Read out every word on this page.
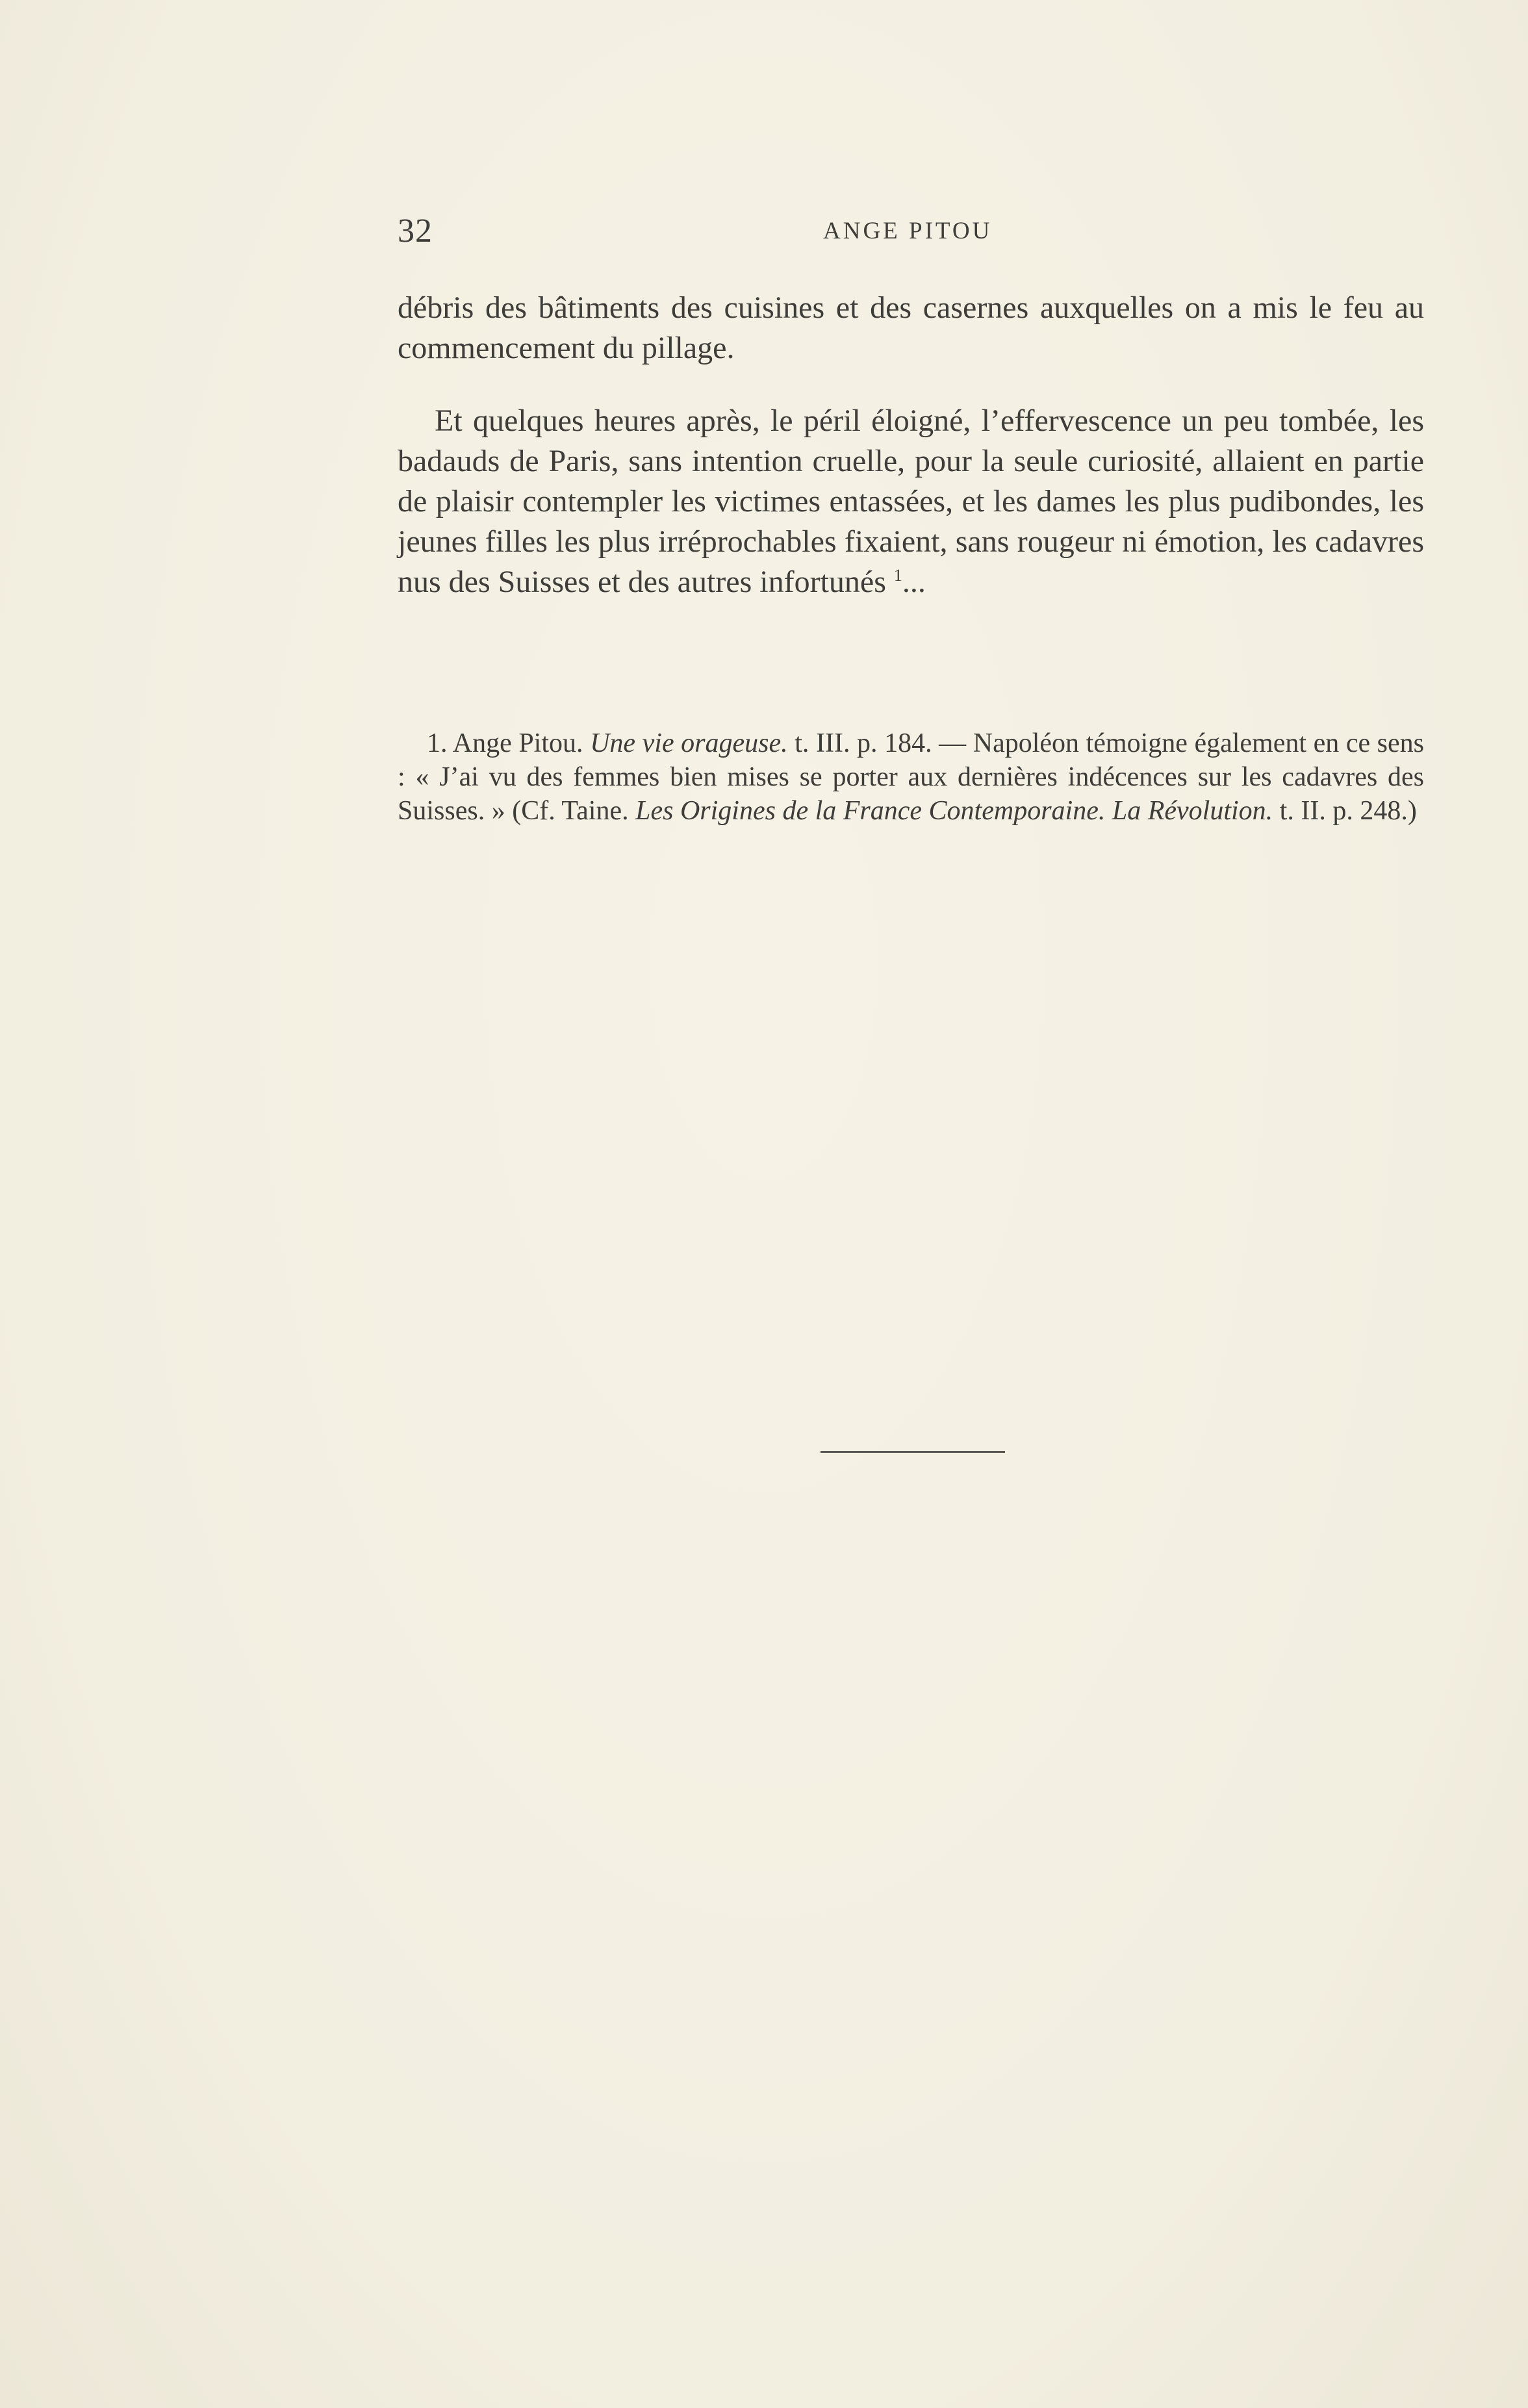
32	ANGE PITOU

débris des bâtiments des cuisines et des casernes auxquelles on a mis le feu au commencement du pillage.

Et quelques heures après, le péril éloigné, l’effervescence un peu tombée, les badauds de Paris, sans intention cruelle, pour la seule curiosité, allaient en partie de plaisir contempler les victimes entassées, et les dames les plus pudibondes, les jeunes filles les plus irréprochables fixaient, sans rougeur ni émotion, les cadavres nus des Suisses et des autres infortunés $^1$...

1. Ange Pitou. Une vie orageuse. t. III. p. 184. — Napoléon témoigne également en ce sens : « J’ai vu des femmes bien mises se porter aux dernières indécences sur les cadavres des Suisses. » (Cf. Taine. Les Origines de la France Contemporaine. La Révolution. t. II. p. 248.)
